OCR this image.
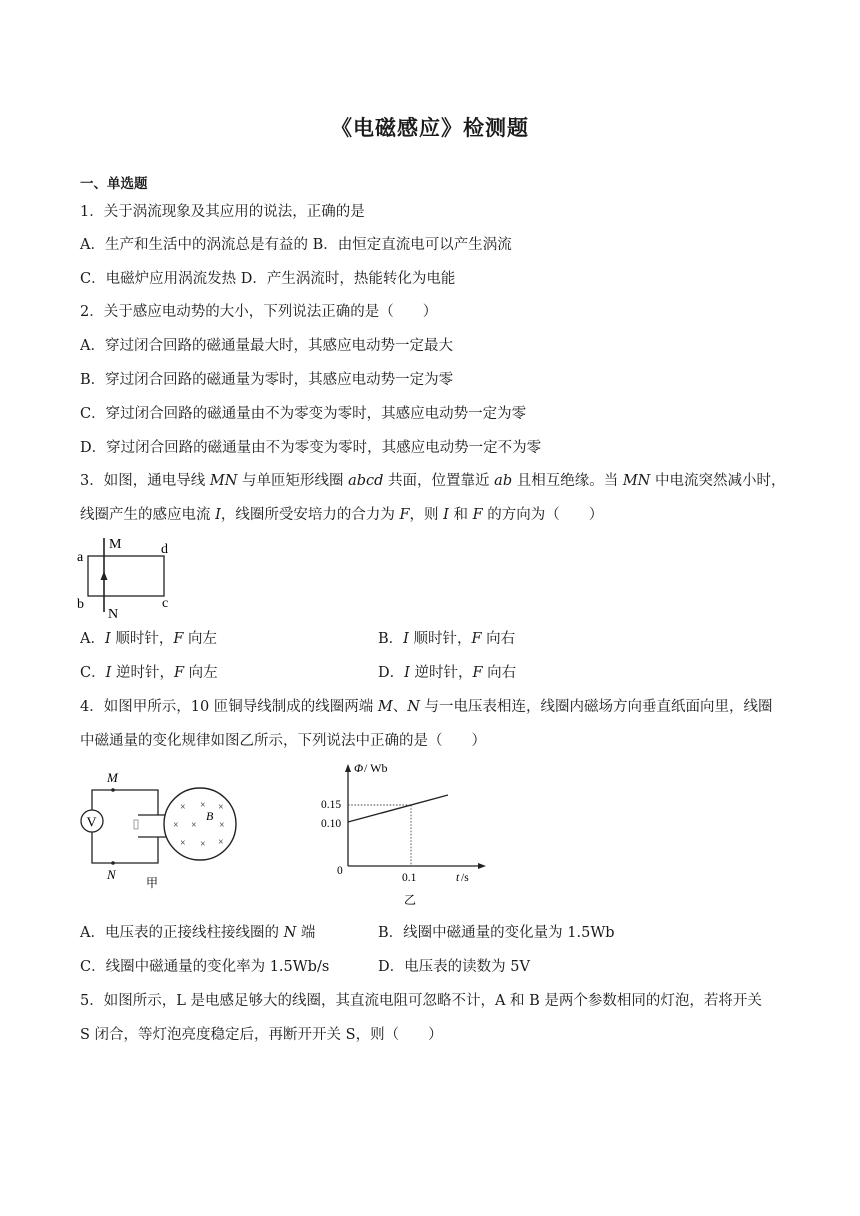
《电磁感应》检测题
一、单选题
1．关于涡流现象及其应用的说法，正确的是
A．生产和生活中的涡流总是有益的 B．由恒定直流电可以产生涡流
C．电磁炉应用涡流发热 D．产生涡流时，热能转化为电能
2．关于感应电动势的大小，下列说法正确的是（　　）
A．穿过闭合回路的磁通量最大时，其感应电动势一定最大
B．穿过闭合回路的磁通量为零时，其感应电动势一定为零
C．穿过闭合回路的磁通量由不为零变为零时，其感应电动势一定为零
D．穿过闭合回路的磁通量由不为零变为零时，其感应电动势一定不为零
3．如图，通电导线 MN 与单匝矩形线圈 abcd 共面，位置靠近 ab 且相互绝缘。当 MN 中电流突然减小时，
线圈产生的感应电流 I，线圈所受安培力的合力为 F，则 I 和 F 的方向为（　　）
a
b	c
d
M
N
A．I 顺时针，F 向左	B．I 顺时针，F 向右
C．I 逆时针，F 向左	D．I 逆时针，F 向右
4．如图甲所示，10 匝铜导线制成的线圈两端 M、N 与一电压表相连，线圈内磁场方向垂直纸面向里，线圈
中磁通量的变化规律如图乙所示，下列说法中正确的是（　　）
V
M
N
× × ×
× × ×
× × ×
B
甲
Φ / Wb
0.15
0.10
0
0.1	t /s
乙
A．电压表的正接线柱接线圈的 N 端	B．线圈中磁通量的变化量为 1.5Wb
C．线圈中磁通量的变化率为 1.5Wb/s	D．电压表的读数为 5V
5．如图所示，L 是电感足够大的线圈，其直流电阻可忽略不计，A 和 B 是两个参数相同的灯泡，若将开关
S 闭合，等灯泡亮度稳定后，再断开开关 S，则（　　）
